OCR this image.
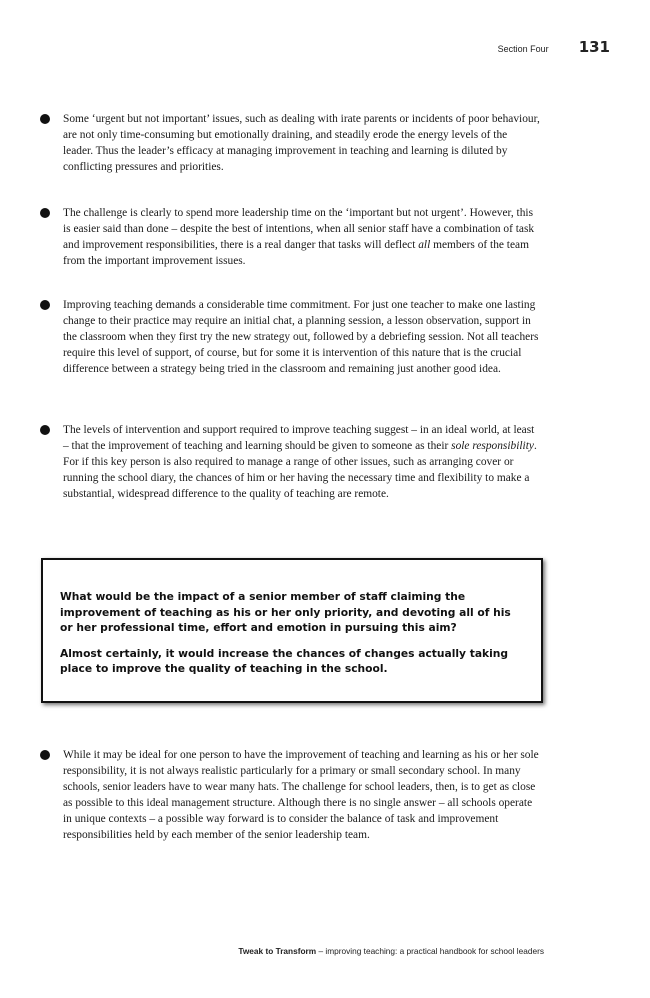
Section Four 131
Some ‘urgent but not important’ issues, such as dealing with irate parents or incidents of poor behaviour, are not only time-consuming but emotionally draining, and steadily erode the energy levels of the leader. Thus the leader’s efficacy at managing improvement in teaching and learning is diluted by conflicting pressures and priorities.
The challenge is clearly to spend more leadership time on the ‘important but not urgent’. However, this is easier said than done – despite the best of intentions, when all senior staff have a combination of task and improvement responsibilities, there is a real danger that tasks will deflect all members of the team from the important improvement issues.
Improving teaching demands a considerable time commitment. For just one teacher to make one lasting change to their practice may require an initial chat, a planning session, a lesson observation, support in the classroom when they first try the new strategy out, followed by a debriefing session. Not all teachers require this level of support, of course, but for some it is intervention of this nature that is the crucial difference between a strategy being tried in the classroom and remaining just another good idea.
The levels of intervention and support required to improve teaching suggest – in an ideal world, at least – that the improvement of teaching and learning should be given to someone as their sole responsibility. For if this key person is also required to manage a range of other issues, such as arranging cover or running the school diary, the chances of him or her having the necessary time and flexibility to make a substantial, widespread difference to the quality of teaching are remote.

What would be the impact of a senior member of staff claiming the improvement of teaching as his or her only priority, and devoting all of his or her professional time, effort and emotion in pursuing this aim?

Almost certainly, it would increase the chances of changes actually taking place to improve the quality of teaching in the school.

While it may be ideal for one person to have the improvement of teaching and learning as his or her sole responsibility, it is not always realistic particularly for a primary or small secondary school. In many schools, senior leaders have to wear many hats. The challenge for school leaders, then, is to get as close as possible to this ideal management structure. Although there is no single answer – all schools operate in unique contexts – a possible way forward is to consider the balance of task and improvement responsibilities held by each member of the senior leadership team.
Tweak to Transform – improving teaching: a practical handbook for school leaders
